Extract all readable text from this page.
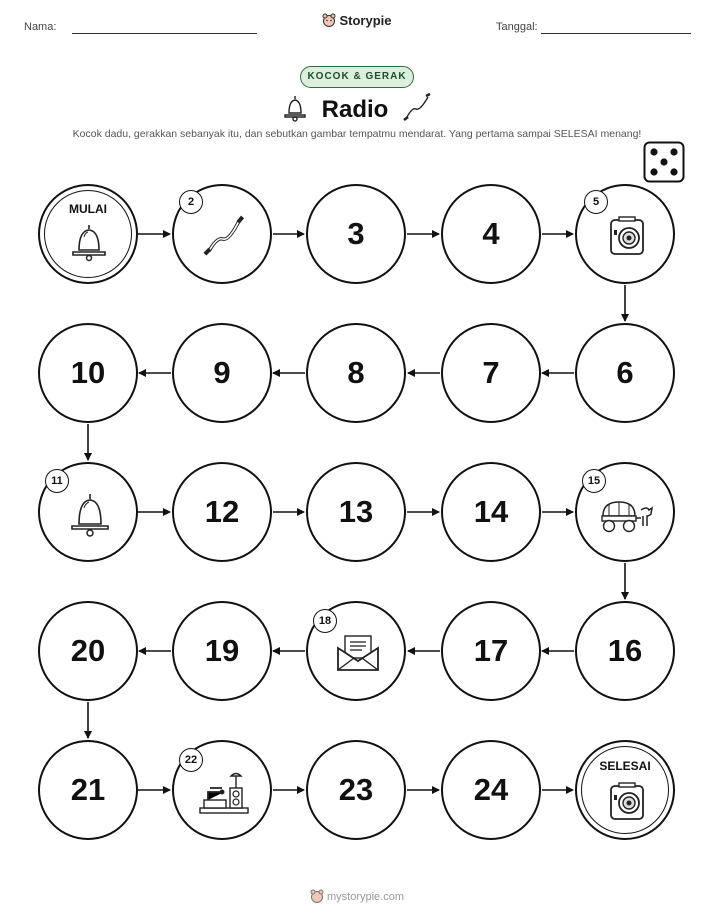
Nama:	Storypie	Tanggal:
KOCOK & GERAK
Radio
Kocok dadu, gerakkan sebanyak itu, dan sebutkan gambar tempatmu mendarat. Yang pertama sampai SELESAI menang!
MULAI	2
3	4
5
6
7
8
9
10
11
12	13	14
15
16
17
18
19
20
21
22
23	24
SELESAI
mystorypie.com
